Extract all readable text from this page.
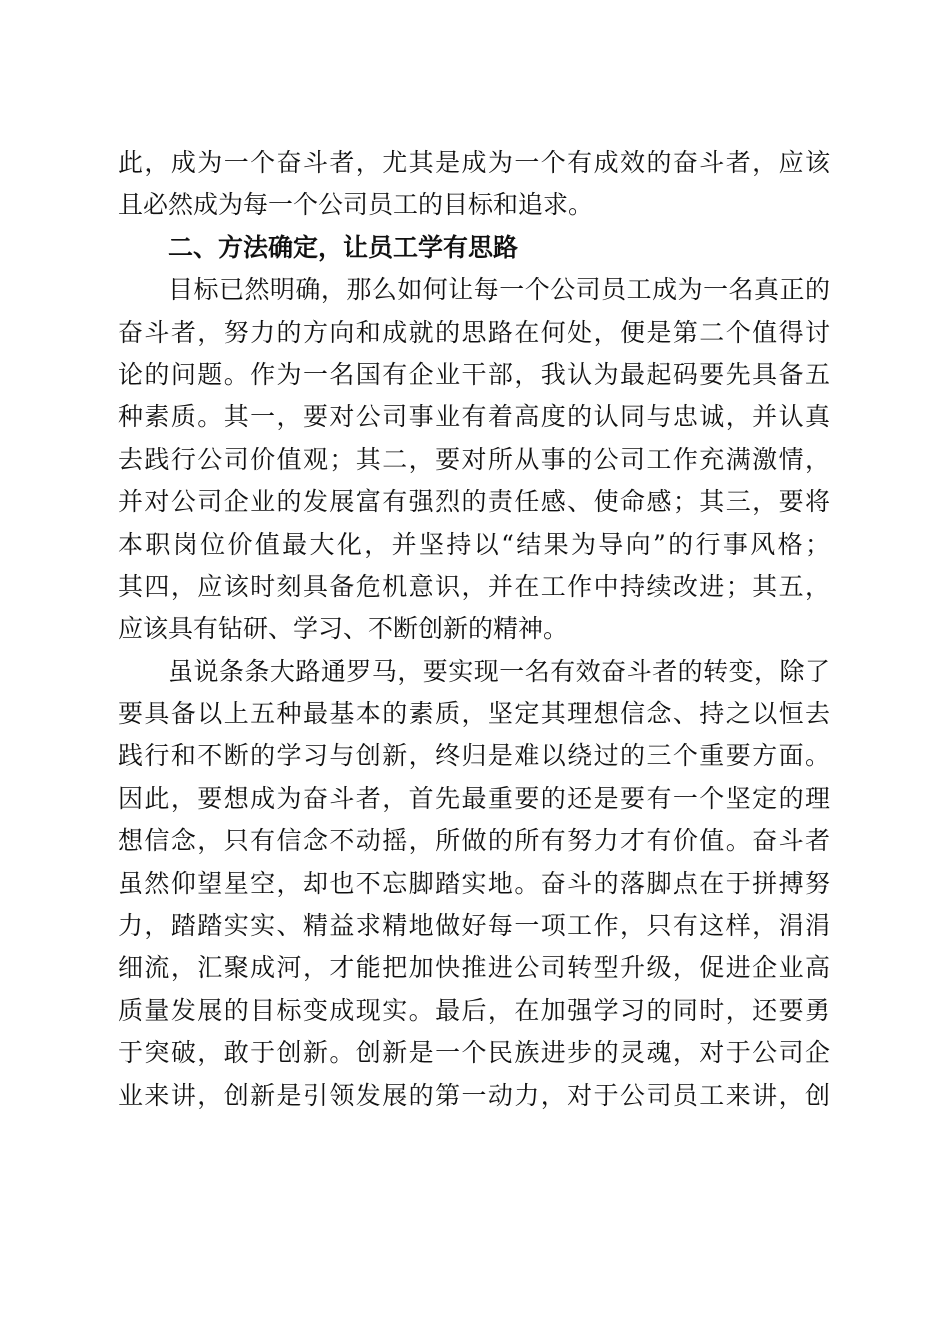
此，成为一个奋斗者，尤其是成为一个有成效的奋斗者，应该
且必然成为每一个公司员工的目标和追求。
二、方法确定，让员工学有思路
目标已然明确，那么如何让每一个公司员工成为一名真正的
奋斗者，努力的方向和成就的思路在何处，便是第二个值得讨
论的问题。作为一名国有企业干部，我认为最起码要先具备五
种素质。其一，要对公司事业有着高度的认同与忠诚，并认真
去践行公司价值观；其二，要对所从事的公司工作充满激情，
并对公司企业的发展富有强烈的责任感、使命感；其三，要将
本职岗位价值最大化，并坚持以“结果为导向”的行事风格；
其四，应该时刻具备危机意识，并在工作中持续改进；其五，
应该具有钻研、学习、不断创新的精神。
虽说条条大路通罗马，要实现一名有效奋斗者的转变，除了
要具备以上五种最基本的素质，坚定其理想信念、持之以恒去
践行和不断的学习与创新，终归是难以绕过的三个重要方面。
因此，要想成为奋斗者，首先最重要的还是要有一个坚定的理
想信念，只有信念不动摇，所做的所有努力才有价值。奋斗者
虽然仰望星空，却也不忘脚踏实地。奋斗的落脚点在于拼搏努
力，踏踏实实、精益求精地做好每一项工作，只有这样，涓涓
细流，汇聚成河，才能把加快推进公司转型升级，促进企业高
质量发展的目标变成现实。最后，在加强学习的同时，还要勇
于突破，敢于创新。创新是一个民族进步的灵魂，对于公司企
业来讲，创新是引领发展的第一动力，对于公司员工来讲，创
